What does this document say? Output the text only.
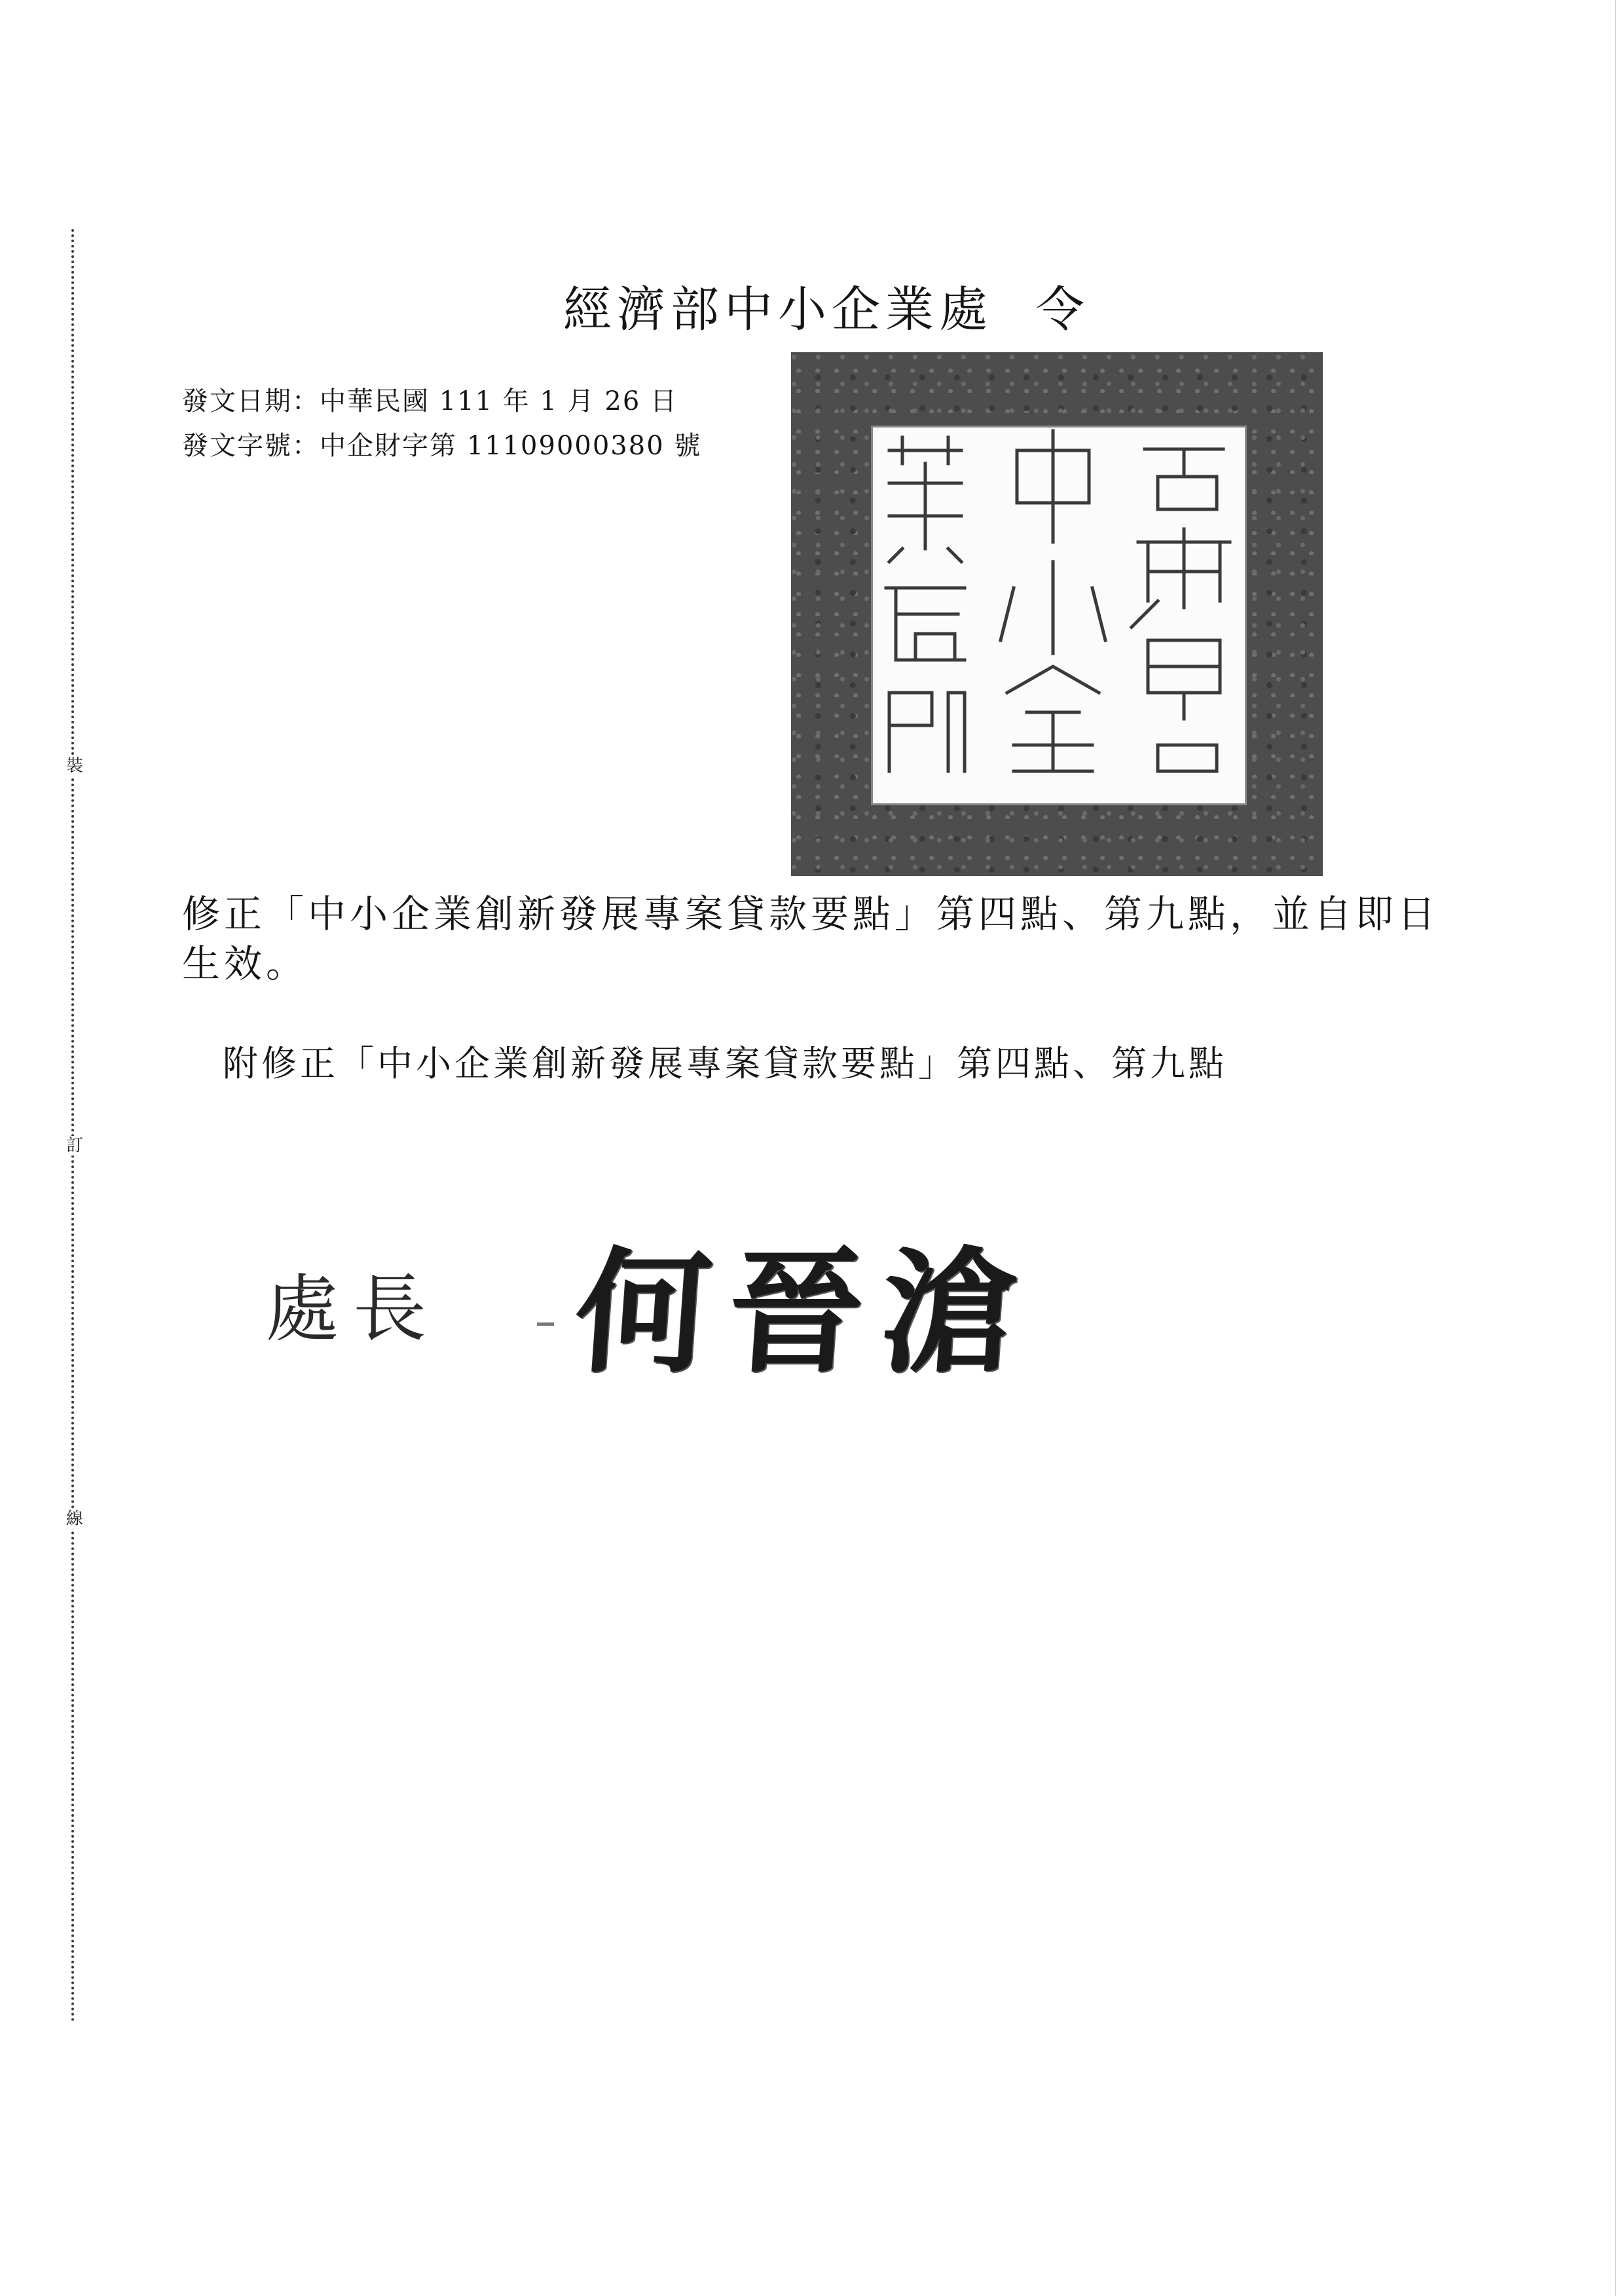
裝
訂
線
經濟部中小企業處 令
發文日期：中華民國 111 年 1 月 26 日
發文字號：中企財字第 11109000380 號
修正「中小企業創新發展專案貸款要點」第四點、第九點，並自即日生效。
附修正「中小企業創新發展專案貸款要點」第四點、第九點
處長 何晉滄
